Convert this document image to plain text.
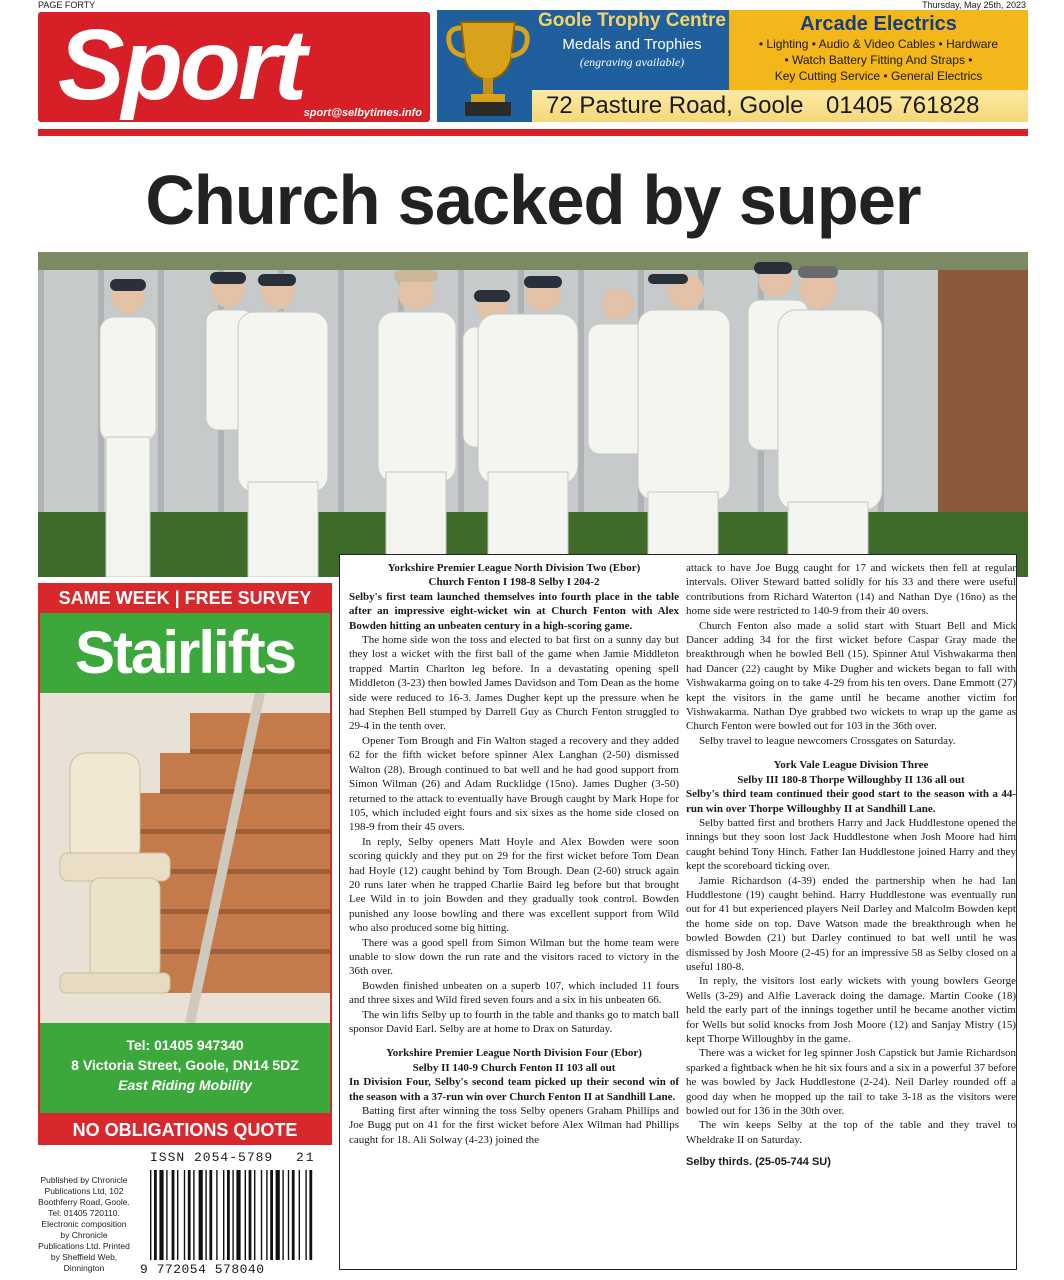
PAGE FORTY	Thursday, May 25th, 2023
Sport sport@selbytimes.info
Goole Trophy Centre
Medals and Trophies
(engraving available)
Arcade Electrics
• Lighting • Audio & Video Cables • Hardware
• Watch Battery Fitting And Straps •
Key Cutting Service • General Electrics
72 Pasture Road, Goole 01405 761828
Church sacked by super
SAME WEEK | FREE SURVEY
Stairlifts
Tel: 01405 947340
8 Victoria Street, Goole, DN14 5DZ
East Riding Mobility
NO OBLIGATIONS QUOTE
Published by Chronicle Publications Ltd, 102 Boothferry Road, Goole. Tel: 01405 720110. Electronic composition by Chronicle Publications Ltd. Printed by Sheffield Web, Dinnington
ISSN 2054-5789 21
9 772054 578040
Yorkshire Premier League North Division Two (Ebor)
Church Fenton I 198-8 Selby I 204-2

Selby's first team launched themselves into fourth place in the table after an impressive eight-wicket win at Church Fenton with Alex Bowden hitting an unbeaten century in a high-scoring game.

The home side won the toss and elected to bat first on a sunny day but they lost a wicket with the first ball of the game when Jamie Middleton trapped Martin Charlton leg before. In a devastating opening spell Middleton (3-23) then bowled James Davidson and Tom Dean as the home side were reduced to 16-3. James Dugher kept up the pressure when he had Stephen Bell stumped by Darrell Guy as Church Fenton struggled to 29-4 in the tenth over.

Opener Tom Brough and Fin Walton staged a recovery and they added 62 for the fifth wicket before spinner Alex Langhan (2-50) dismissed Walton (28). Brough continued to bat well and he had good support from Simon Wilman (26) and Adam Rucklidge (15no). James Dugher (3-50) returned to the attack to eventually have Brough caught by Mark Hope for 105, which included eight fours and six sixes as the home side closed on 198-9 from their 45 overs.

In reply, Selby openers Matt Hoyle and Alex Bowden were soon scoring quickly and they put on 29 for the first wicket before Tom Dean had Hoyle (12) caught behind by Tom Brough. Dean (2-60) struck again 20 runs later when he trapped Charlie Baird leg before but that brought Lee Wild in to join Bowden and they gradually took control. Bowden punished any loose bowling and there was excellent support from Wild who also produced some big hitting.

There was a good spell from Simon Wilman but the home team were unable to slow down the run rate and the visitors raced to victory in the 36th over.

Bowden finished unbeaten on a superb 107, which included 11 fours and three sixes and Wild fired seven fours and a six in his unbeaten 66.

The win lifts Selby up to fourth in the table and thanks go to match ball sponsor David Earl. Selby are at home to Drax on Saturday.

Yorkshire Premier League North Division Four (Ebor)
Selby II 140-9 Church Fenton II 103 all out

In Division Four, Selby's second team picked up their second win of the season with a 37-run win over Church Fenton II at Sandhill Lane.

Batting first after winning the toss Selby openers Graham Phillips and Joe Bugg put on 41 for the first wicket before Alex Wilman had Phillips caught for 18. Ali Solway (4-23) joined the

attack to have Joe Bugg caught for 17 and wickets then fell at regular intervals. Oliver Steward batted solidly for his 33 and there were useful contributions from Richard Waterton (14) and Nathan Dye (16no) as the home side were restricted to 140-9 from their 40 overs.

Church Fenton also made a solid start with Stuart Bell and Mick Dancer adding 34 for the first wicket before Caspar Gray made the breakthrough when he bowled Bell (15). Spinner Atul Vishwakarma then had Dancer (22) caught by Mike Dugher and wickets began to fall with Vishwakarma going on to take 4-29 from his ten overs. Dane Emmott (27) kept the visitors in the game until he became another victim for Vishwakarma. Nathan Dye grabbed two wickets to wrap up the game as Church Fenton were bowled out for 103 in the 36th over.

Selby travel to league newcomers Crossgates on Saturday.

York Vale League Division Three
Selby III 180-8 Thorpe Willoughby II 136 all out

Selby's third team continued their good start to the season with a 44-run win over Thorpe Willoughby II at Sandhill Lane.

Selby batted first and brothers Harry and Jack Huddlestone opened the innings but they soon lost Jack Huddlestone when Josh Moore had him caught behind Tony Hinch. Father Ian Huddlestone joined Harry and they kept the scoreboard ticking over.

Jamie Richardson (4-39) ended the partnership when he had Ian Huddlestone (19) caught behind. Harry Huddlestone was eventually run out for 41 but experienced players Neil Darley and Malcolm Bowden kept the home side on top. Dave Watson made the breakthrough when he bowled Bowden (21) but Darley continued to bat well until he was dismissed by Josh Moore (2-45) for an impressive 58 as Selby closed on a useful 180-8.

In reply, the visitors lost early wickets with young bowlers George Wells (3-29) and Alfie Laverack doing the damage. Martin Cooke (18) held the early part of the innings together until he became another victim for Wells but solid knocks from Josh Moore (12) and Sanjay Mistry (15) kept Thorpe Willoughby in the game.

There was a wicket for leg spinner Josh Capstick but Jamie Richardson sparked a fightback when he hit six fours and a six in a powerful 37 before he was bowled by Jack Huddlestone (2-24). Neil Darley rounded off a good day when he mopped up the tail to take 3-18 as the visitors were bowled out for 136 in the 30th over.

The win keeps Selby at the top of the table and they travel to Wheldrake II on Saturday.

Selby thirds. (25-05-744 SU)
